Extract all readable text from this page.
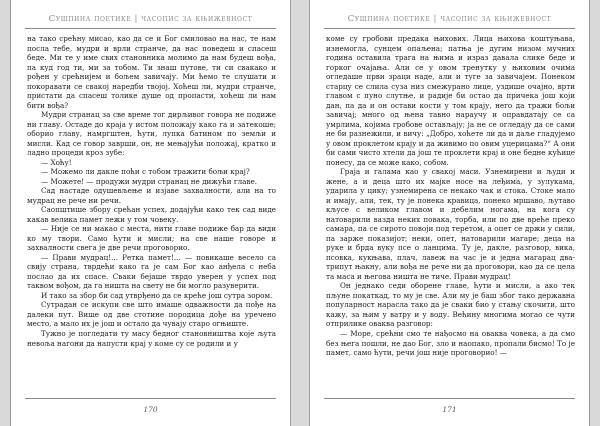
Сушпина поетике | часопис за књижевност

на тако срећну мисао, као да се и Бог смиловао на нас, те нам посла тебе, мудри и врли странче, да нас поведеш и спасеш беде. Ми те у име свих становника молимо да нам будеш вођа, па куд год ти, ми за тобом. Ти знаш путове, ти си свакако и рођен у срећнијем и бољем завичају. Ми ћемо те слушати и покоравати се свакој наредби твојој. Хоћеш ли, мудри странче, пристати да спасеш толике душе од пропасти, хоћеш ли нам бити вођа?

Мудри странац за све време тог дирљивог говора не подиже ни главу. Остаде до краја у истом положају како га и затекоше; оборио главу, намргштен, ћути, лупка батином по земљи и мисли. Кад се говор заврши, он, не мењајући положај, кратко и ладно процеди кроз зубе:

— Хоћу!

— Можемо ли дакле поћи с тобом тражити бољи крај?

— Можете! — продужи мудри странац не дижући главе.

Сад настаде одушевљење и изјаве захвалности, али на то мудрац не рече ни речи.

Саопштише збору срећан успех, додајући како тек сад виде какав велика памет лежи у том човеку.

— Није се ни макао с места, нити главе подиже бар да види ко му твори. Само ћути и мисли; на све наше говоре и захвалности свега је две речи проговорио.

— Прави мудрац!... Ретка памет!... — повикаше весело са свију страна, тврдећи како га је сам Бог као анђела с неба послао да их спасе. Сваки бејаше тврдо уверен у успех под таквом вођом, да га ништа на свету не би могло разуверити.

И тако за збор би сад утврђено да се креће још сутра зором.

Сутрадан се искупи све што имаше одважности да пође на далеки пут. Више од две стотине породица дође на уречено место, а мало их је још и остало да чувају старо огњиште.

Тужно је погледати ту масу бедног становништва које љута невоља нагони да напусти крај у коме су се родили и у

170
Сушпина поетике | часопис за књижевност

коме су гробови предака њихових. Лица њихова коштуњава, изнемогла, сунцем опаљена; патња је дугим низом мучних година оставила трага на њима и израз давала слике беде и горког очајања. Али се у овом тренутку у њиховим очима огледаше први зраци наде, али и туге за завичајем. Понеком старцу се слила суза низ смежурано лице, уздише очајно, врти главом с пуно слутње, и радије би остао да причека још који дан, па да и он остави кости у том крају, него да тражи бољи завичај; много од њена тавно нараучу и оправдатају се са умрлима, којима гробове остављају; ја не се огледају да се сами не би разнежили, и вичу: „Добро, хоћете ли да и даље гладујемо у овом проклетом крају и да живимо по овим уцерицама?“ А они би сами чисто хтели да још те проклети крај и оне бедне кућице понесу, да се може како, собом.

Граја и галама као у свакој маси. Узнемирени и људи и жене, а и деца што их мајке носе на леђима, у зулукама, ударила у цику; узнемирена се некако чак и стока. Стоке мало и имају, али, тек, ту је понека кравица, понеко мршаво, љутаво кљусе с великом главом и дебелим ногама, на кога су натоварили вазда неких повака, торба, или по две вреће преко самара, па се сиротo повоји под теретом, а опет се држи у сили, па зарже показијот; неки, опет, натоварили магаре; деца на руке и брда вуку псе о ланцима. Ту је, дакле, разговор, вика, псовка, кукњава, плач, лавеж на час је и једна магарац два-трипут њакну, али вођа не рече ни да проговори, као да се цела та маса и његова ништа не тиче. Прави мудрац!

Он једнако седи оборене главе, ћути и мисли, а ако тек пљуне покаткад, то му је све. Али му је баш због тако державна популарност нарасла тако да је сваки био у стању скочити, што кажу, за њим у ватру и у воду. Већину многима могао се чути отприлике оваква разговор:

— Море, срећни смо те нађосмо на оваква човека, а да смо без њега пошли, не дао Бог, зло и наопако, пропали бисмо! То је памет, само ћути, речи још није проговорио! —

171
